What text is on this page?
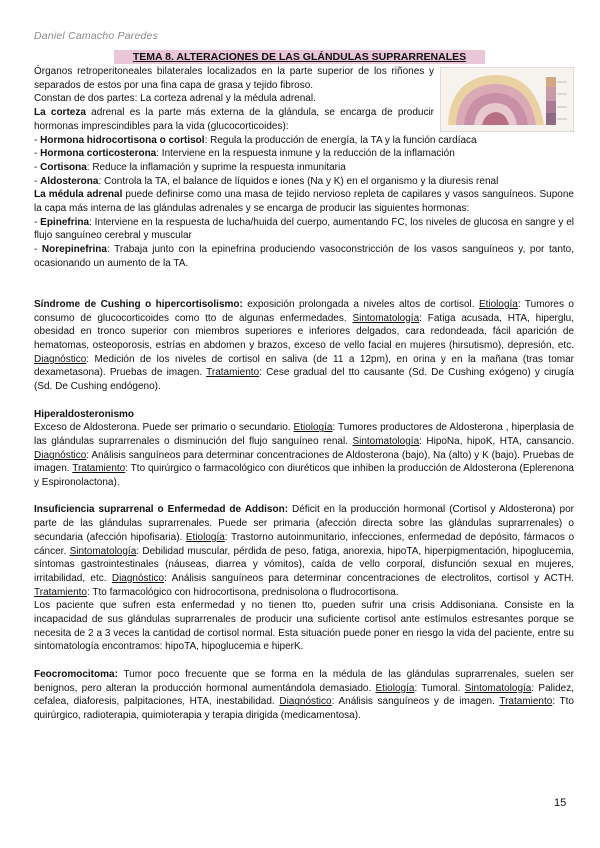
Daniel Camacho Paredes
TEMA 8. ALTERACIONES DE LAS GLÁNDULAS SUPRARRENALES

Órganos retroperitoneales bilaterales localizados en la parte superior de los riñones y separados de estos por una fina capa de grasa y tejido fibroso.

Constan de dos partes: La corteza adrenal y la médula adrenal.

La corteza adrenal es la parte más externa de la glándula, se encarga de producir hormonas imprescindibles para la vida (glucocorticoides):

- Hormona hidrocortisona o cortisol: Regula la producción de energía, la TA y la función cardíaca

- Hormona corticosterona: Interviene en la respuesta inmune y la reducción de la inflamación

- Cortisona: Reduce la inflamación y suprime la respuesta inmunitaria

- Aldosterona: Controla la TA, el balance de líquidos e iones (Na y K) en el organismo y la diuresis renal

La médula adrenal puede definirse como una masa de tejido nervioso repleta de capilares y vasos sanguíneos. Supone la capa más interna de las glándulas adrenales y se encarga de producir las siguientes hormonas:

- Epinefrina: Interviene en la respuesta de lucha/huida del cuerpo, aumentando FC, los niveles de glucosa en sangre y el flujo sanguíneo cerebral y muscular

- Norepinefrina: Trabaja junto con la epinefrina produciendo vasoconstricción de los vasos sanguíneos y, por tanto, ocasionando un aumento de la TA.

Síndrome de Cushing o hipercortisolismo: exposición prolongada a niveles altos de cortisol. Etiología: Tumores o consumo de glucocorticoides como tto de algunas enfermedades. Sintomatología: Fatiga acusada, HTA, hiperglu, obesidad en tronco superior con miembros superiores e inferiores delgados, cara redondeada, fácil aparición de hematomas, osteoporosis, estrías en abdomen y brazos, exceso de vello facial en mujeres (hirsutismo), depresión, etc. Diagnóstico: Medición de los niveles de cortisol en saliva (de 11 a 12pm), en orina y en la mañana (tras tomar dexametasona). Pruebas de imagen. Tratamiento: Cese gradual del tto causante (Sd. De Cushing exógeno) y cirugía (Sd. De Cushing endógeno).

Hiperaldosteronismo

Exceso de Aldosterona. Puede ser primario o secundario. Etiología: Tumores productores de Aldosterona , hiperplasia de las glándulas suprarrenales o disminución del flujo sanguíneo renal. Sintomatología: HipoNa, hipoK, HTA, cansancio. Diagnóstico: Análisis sanguíneos para determinar concentraciones de Aldosterona (bajo), Na (alto) y K (bajo). Pruebas de imagen. Tratamiento: Tto quirúrgico o farmacológico con diuréticos que inhiben la producción de Aldosterona (Eplerenona y Espironolactona).

Insuficiencia suprarrenal o Enfermedad de Addison: Déficit en la producción hormonal (Cortisol y Aldosterona) por parte de las glándulas suprarrenales. Puede ser primaria (afección directa sobre las glándulas suprarrenales) o secundaria (afección hipofisaria). Etiología: Trastorno autoinmunitario, infecciones, enfermedad de depósito, fármacos o cáncer. Sintomatología: Debilidad muscular, pérdida de peso, fatiga, anorexia, hipoTA, hiperpigmentación, hipoglucemia, síntomas gastrointestinales (náuseas, diarrea y vómitos), caída de vello corporal, disfunción sexual en mujeres, irritabilidad, etc. Diagnóstico: Análisis sanguíneos para determinar concentraciones de electrolitos, cortisol y ACTH. Tratamiento: Tto farmacológico con hidrocortisona, prednisolona o fludrocortisona.

Los paciente que sufren esta enfermedad y no tienen tto, pueden sufrir una crisis Addisoniana. Consiste en la incapacidad de sus glándulas suprarrenales de producir una suficiente cortisol ante estímulos estresantes porque se necesita de 2 a 3 veces la cantidad de cortisol normal. Esta situación puede poner en riesgo la vida del paciente, entre su sintomatología encontramos: hipoTA, hipoglucemia e hiperK.

Feocromocitoma: Tumor poco frecuente que se forma en la médula de las glándulas suprarrenales, suelen ser benignos, pero alteran la producción hormonal aumentándola demasiado. Etiología: Tumoral. Sintomatología: Palidez, cefalea, diaforesis, palpitaciones, HTA, inestabilidad. Diagnóstico: Análisis sanguíneos y de imagen. Tratamiento: Tto quirúrgico, radioterapia, quimioterapia y terapia dirigida (medicamentosa).

15
